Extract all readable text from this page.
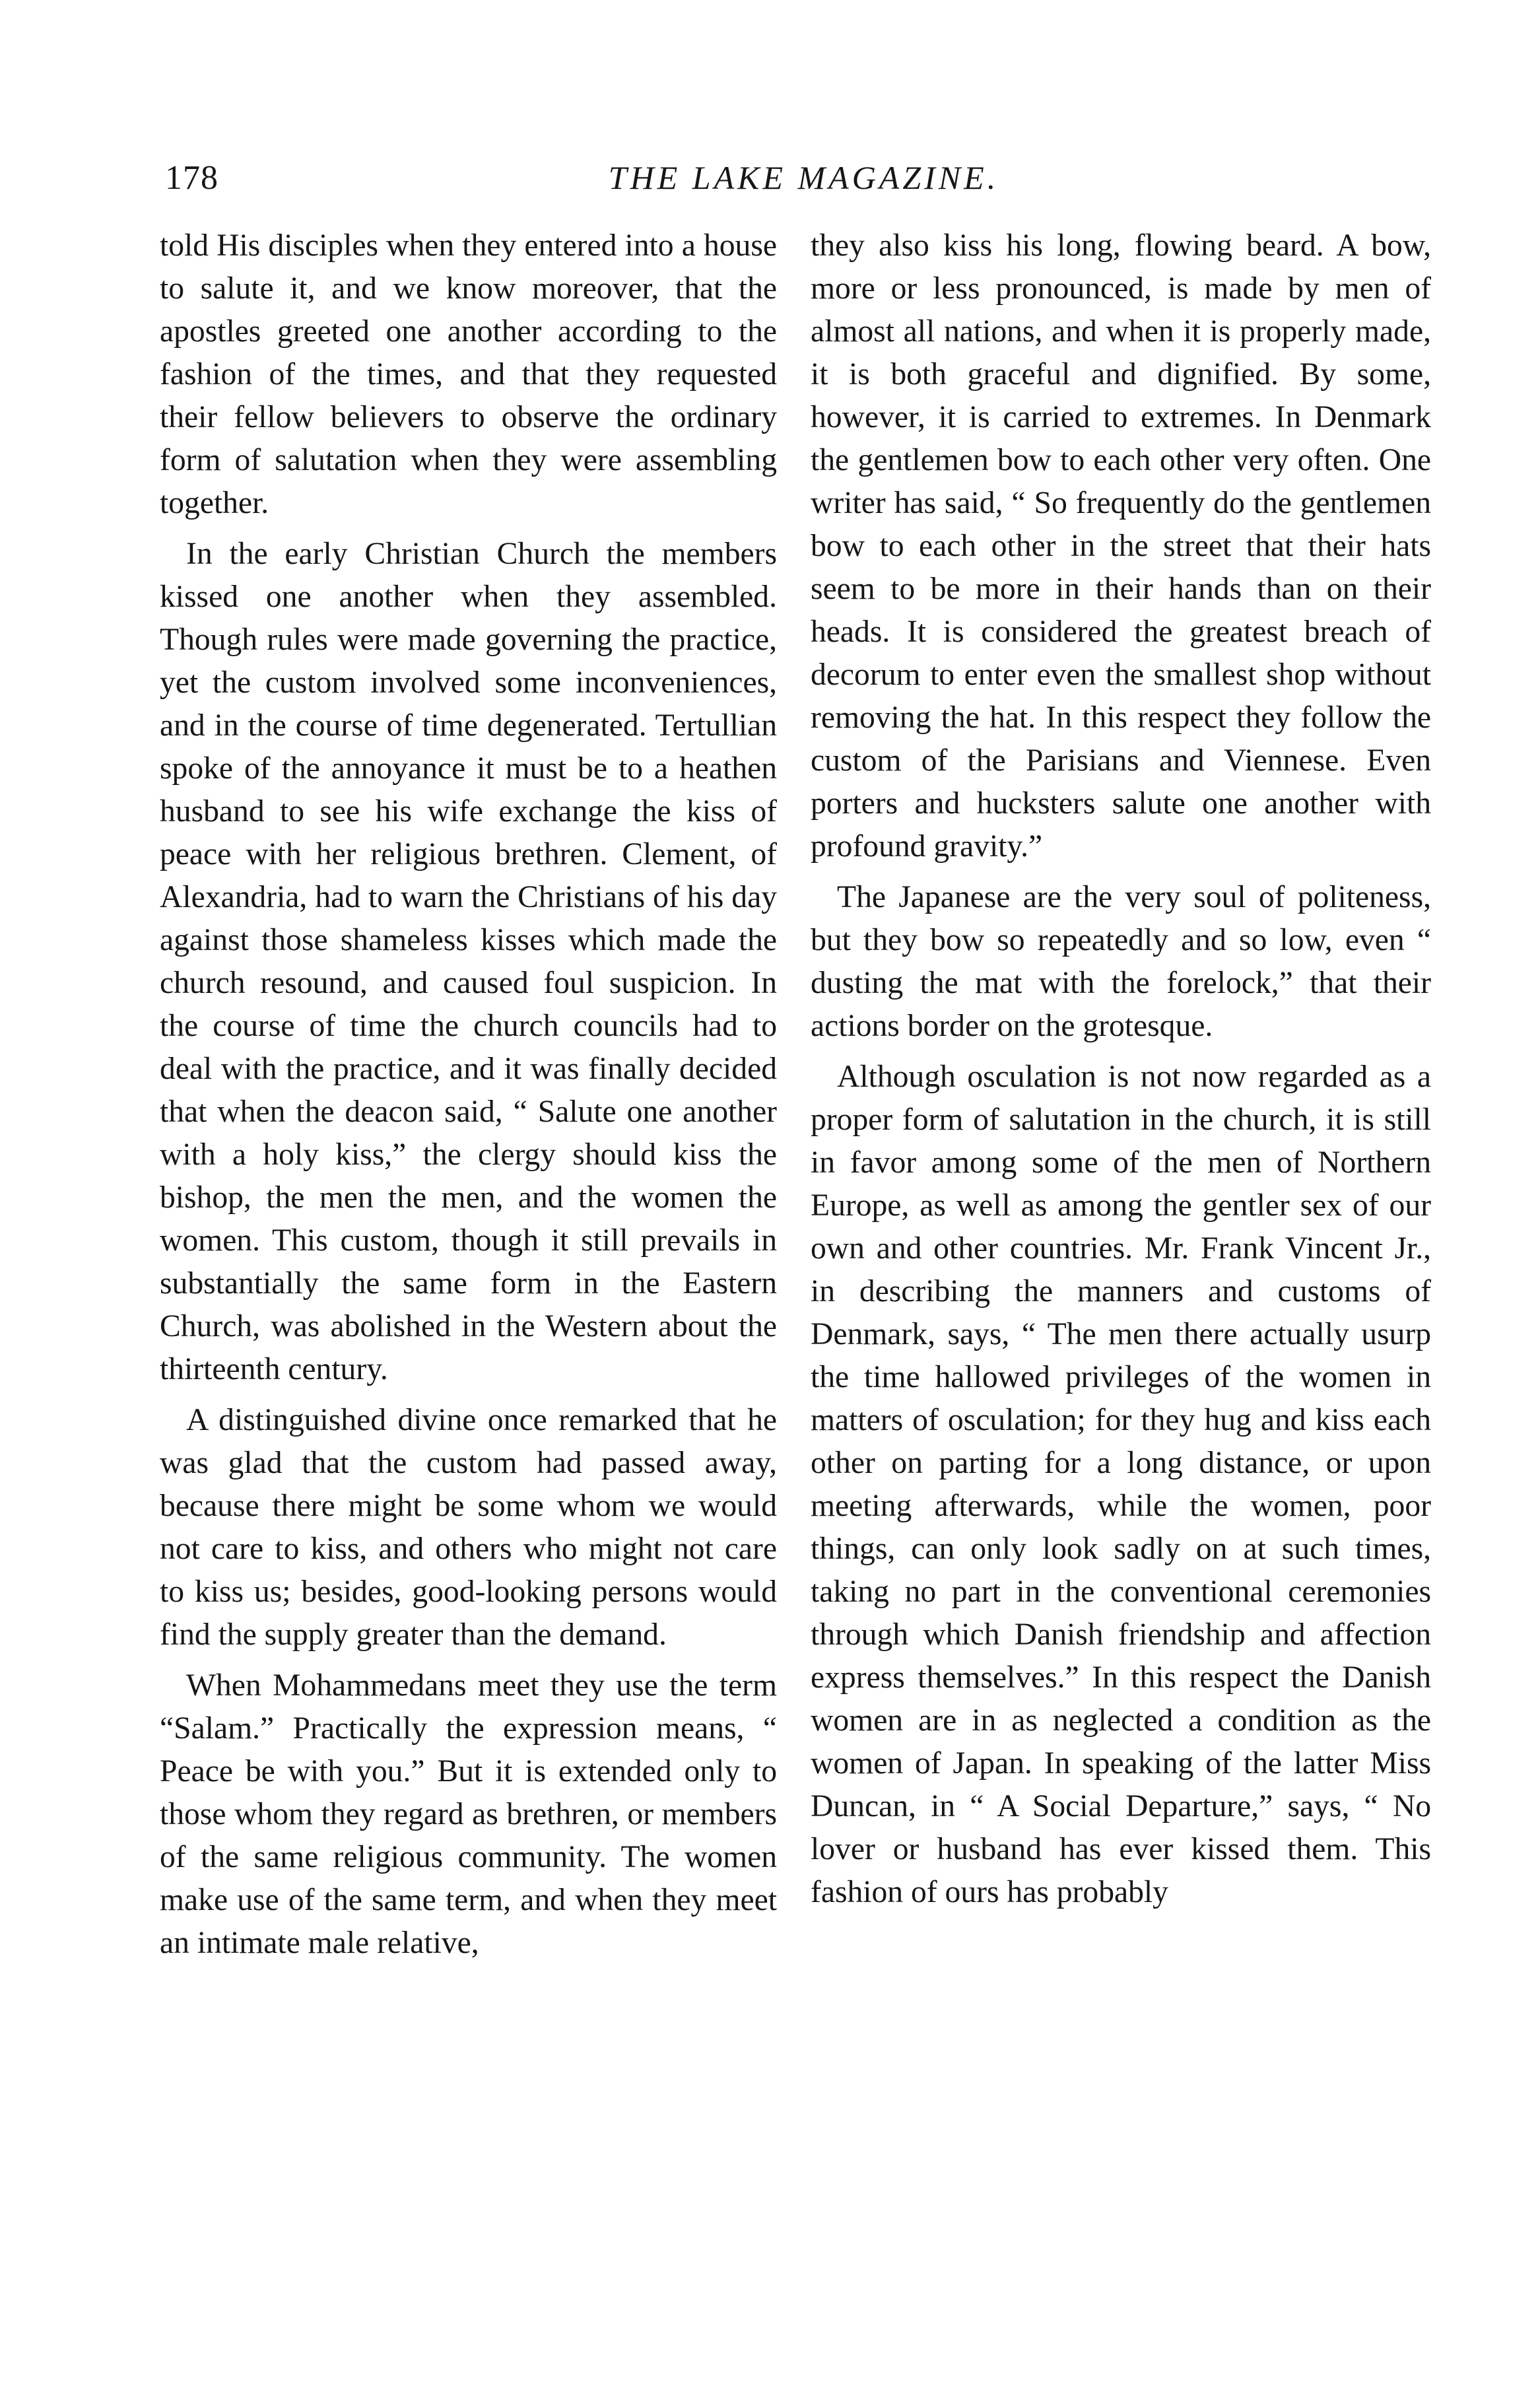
178	THE LAKE MAGAZINE.

told His disciples when they entered into a house to salute it, and we know moreover, that the apostles greeted one another according to the fashion of the times, and that they requested their fellow believers to observe the ordinary form of salutation when they were assembling together.

In the early Christian Church the members kissed one another when they assembled. Though rules were made governing the practice, yet the custom involved some inconveniences, and in the course of time degenerated. Tertullian spoke of the annoyance it must be to a heathen husband to see his wife exchange the kiss of peace with her religious brethren. Clement, of Alexandria, had to warn the Christians of his day against those shameless kisses which made the church resound, and caused foul suspicion. In the course of time the church councils had to deal with the practice, and it was finally decided that when the deacon said, “ Salute one another with a holy kiss,” the clergy should kiss the bishop, the men the men, and the women the women. This custom, though it still prevails in substantially the same form in the Eastern Church, was abolished in the Western about the thirteenth century.

A distinguished divine once remarked that he was glad that the custom had passed away, because there might be some whom we would not care to kiss, and others who might not care to kiss us; besides, good-looking persons would find the supply greater than the demand.

When Mohammedans meet they use the term “Salam.” Practically the expression means, “ Peace be with you.” But it is extended only to those whom they regard as brethren, or members of the same religious community. The women make use of the same term, and when they meet an intimate male relative,

they also kiss his long, flowing beard. A bow, more or less pronounced, is made by men of almost all nations, and when it is properly made, it is both graceful and dignified. By some, however, it is carried to extremes. In Denmark the gentlemen bow to each other very often. One writer has said, “ So frequently do the gentlemen bow to each other in the street that their hats seem to be more in their hands than on their heads. It is considered the greatest breach of decorum to enter even the smallest shop without removing the hat. In this respect they follow the custom of the Parisians and Viennese. Even porters and hucksters salute one another with profound gravity.”

The Japanese are the very soul of politeness, but they bow so repeatedly and so low, even “ dusting the mat with the forelock,” that their actions border on the grotesque.

Although osculation is not now regarded as a proper form of salutation in the church, it is still in favor among some of the men of Northern Europe, as well as among the gentler sex of our own and other countries. Mr. Frank Vincent Jr., in describing the manners and customs of Denmark, says, “ The men there actually usurp the time hallowed privileges of the women in matters of osculation; for they hug and kiss each other on parting for a long distance, or upon meeting afterwards, while the women, poor things, can only look sadly on at such times, taking no part in the conventional ceremonies through which Danish friendship and affection express themselves.” In this respect the Danish women are in as neglected a condition as the women of Japan. In speaking of the latter Miss Duncan, in “ A Social Departure,” says, “ No lover or husband has ever kissed them. This fashion of ours has probably
